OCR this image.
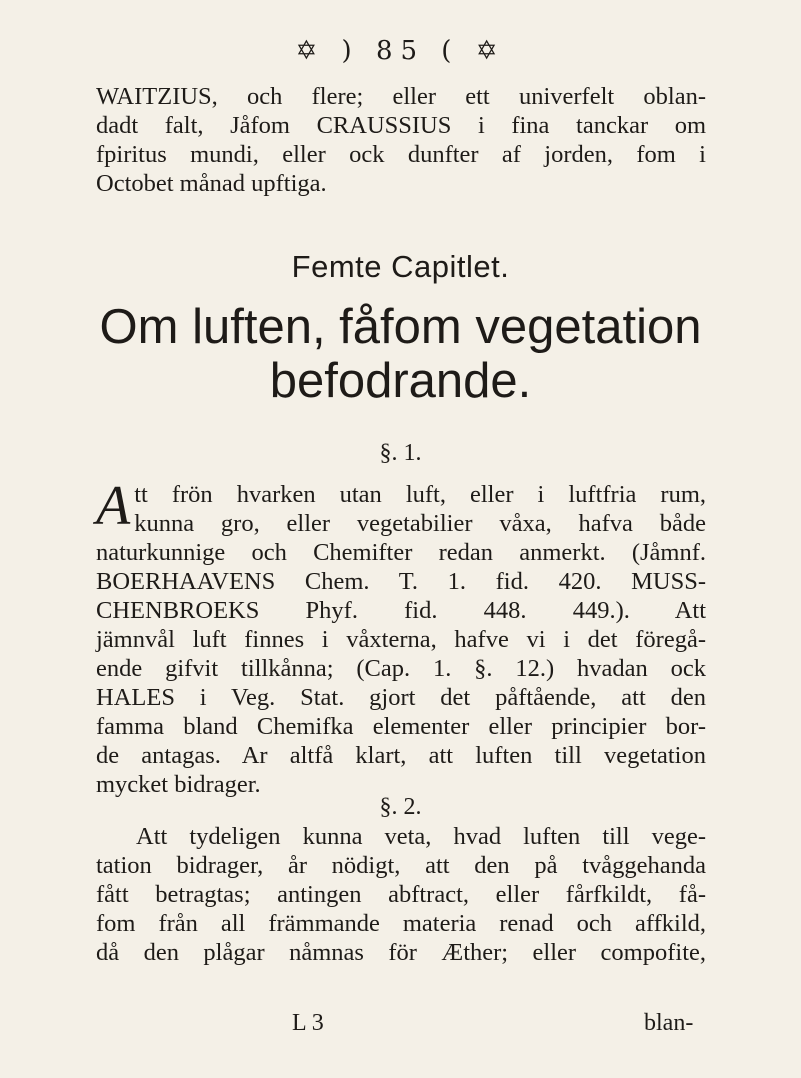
✡ ) 85 ( ✡
WAITZIUS, och flere; eller ett univerfelt oblan-
dadt falt, Jåfom CRAUSSIUS i fina tanckar om
fpiritus mundi, eller ock dunfter af jorden, fom i
Octobet månad upftiga.
Femte Capitlet.
Om luften, fåfom vegetation
befodrande.
§. 1.
A tt frön hvarken utan luft, eller i luftfria rum,
kunna gro, eller vegetabilier våxa, hafva både
naturkunnige och Chemifter redan anmerkt. (Jåmnf.
BOERHAAVENS Chem. T. 1. fid. 420. MUSS-
CHENBROEKS Phyf. fid. 448. 449.). Att
jämnvål luft finnes i våxterna, hafve vi i det föregå-
ende gifvit tillkånna; (Cap. 1. §. 12.) hvadan ock
HALES i Veg. Stat. gjort det påftående, att den
famma bland Chemifka elementer eller principier bor-
de antagas. Ar altfå klart, att luften till vegetation
mycket bidrager.
§. 2.
Att tydeligen kunna veta, hvad luften till vege-
tation bidrager, år nödigt, att den på tvåggehanda
fått betragtas; antingen abftract, eller fårfkildt, få-
fom från all främmande materia renad och affkild,
då den plågar nåmnas för Æther; eller compofite,
L 3	blan-
